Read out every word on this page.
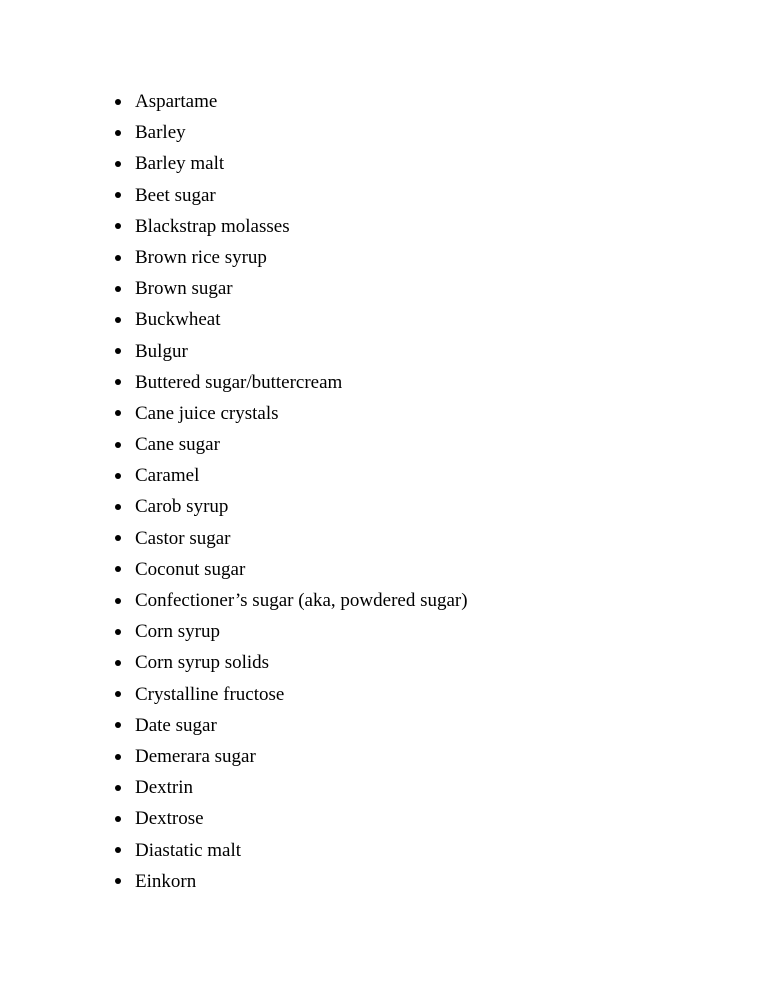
Aspartame
Barley
Barley malt
Beet sugar
Blackstrap molasses
Brown rice syrup
Brown sugar
Buckwheat
Bulgur
Buttered sugar/buttercream
Cane juice crystals
Cane sugar
Caramel
Carob syrup
Castor sugar
Coconut sugar
Confectioner’s sugar (aka, powdered sugar)
Corn syrup
Corn syrup solids
Crystalline fructose
Date sugar
Demerara sugar
Dextrin
Dextrose
Diastatic malt
Einkorn
